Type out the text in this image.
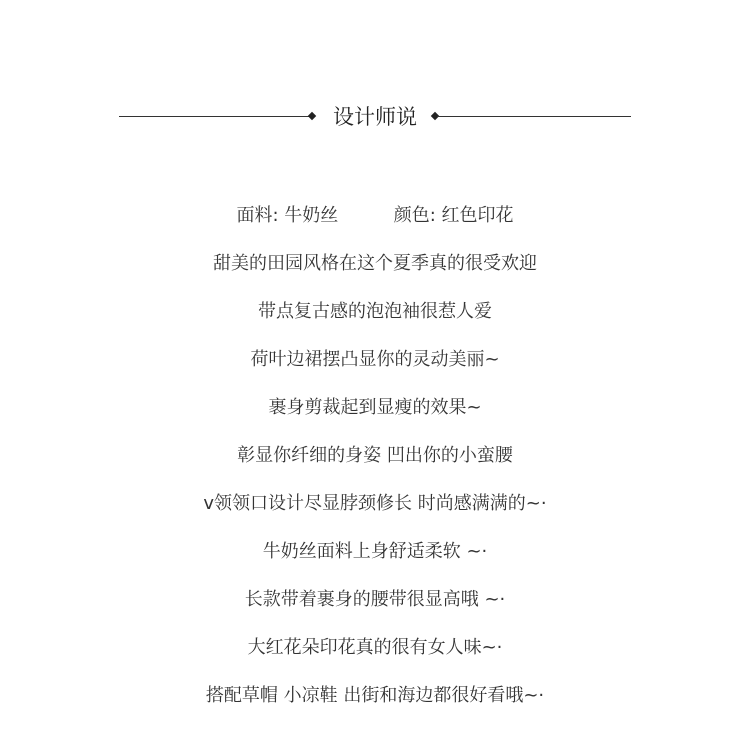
设计师说
面料: 牛奶丝	颜色: 红色印花
甜美的田园风格在这个夏季真的很受欢迎
带点复古感的泡泡袖很惹人爱
荷叶边裙摆凸显你的灵动美丽~
裹身剪裁起到显瘦的效果~
彰显你纤细的身姿 凹出你的小蛮腰
v领领口设计尽显脖颈修长 时尚感满满的~·
牛奶丝面料上身舒适柔软 ~·
长款带着裹身的腰带很显高哦 ~·
大红花朵印花真的很有女人味~·
搭配草帽 小凉鞋 出街和海边都很好看哦~·
